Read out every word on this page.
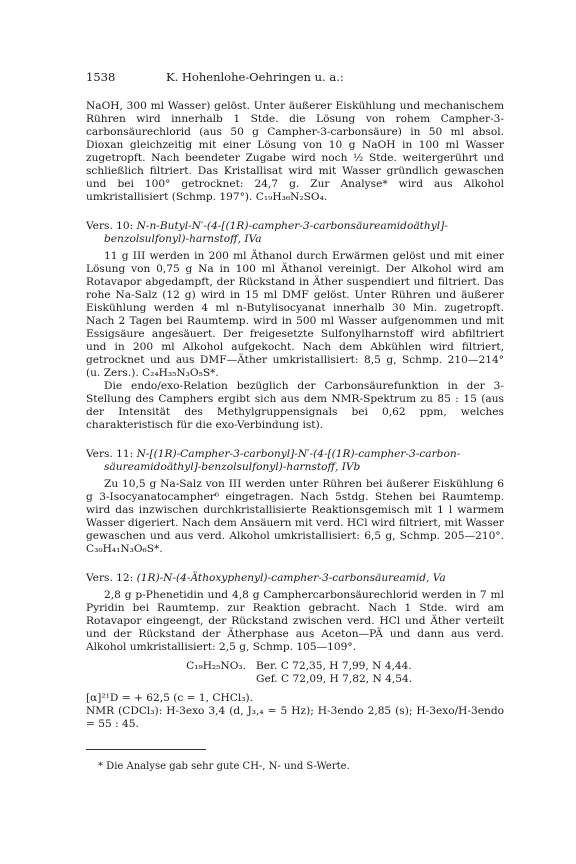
1538	K. Hohenlohe-Oehringen u. a.:

NaOH, 300 ml Wasser) gelöst. Unter äußerer Eiskühlung und mechanischem Rühren wird innerhalb 1 Stde. die Lösung von rohem Campher-3-carbonsäurechlorid (aus 50 g Campher-3-carbonsäure) in 50 ml absol. Dioxan gleichzeitig mit einer Lösung von 10 g NaOH in 100 ml Wasser zugetropft. Nach beendeter Zugabe wird noch ½ Stde. weitergerührt und schließlich filtriert. Das Kristallisat wird mit Wasser gründlich gewaschen und bei 100° getrocknet: 24,7 g. Zur Analyse* wird aus Alkohol umkristallisiert (Schmp. 197°). C₁₉H₃₆N₂SO₄.

Vers. 10: N-n-Butyl-N′-(4-[(1R)-campher-3-carbonsäureamidoäthyl]-
benzolsulfonyl)-harnstoff, IVa

11 g III werden in 200 ml Äthanol durch Erwärmen gelöst und mit einer Lösung von 0,75 g Na in 100 ml Äthanol vereinigt. Der Alkohol wird am Rotavapor abgedampft, der Rückstand in Äther suspendiert und filtriert. Das rohe Na-Salz (12 g) wird in 15 ml DMF gelöst. Unter Rühren und äußerer Eiskühlung werden 4 ml n-Butylisocyanat innerhalb 30 Min. zugetropft. Nach 2 Tagen bei Raumtemp. wird in 500 ml Wasser aufgenommen und mit Essigsäure angesäuert. Der freigesetzte Sulfonylharnstoff wird abfiltriert und in 200 ml Alkohol aufgekocht. Nach dem Abkühlen wird filtriert, getrocknet und aus DMF—Äther umkristallisiert: 8,5 g, Schmp. 210—214° (u. Zers.). C₂₄H₃₅N₃O₅S*.

Die endo/exo-Relation bezüglich der Carbonsäurefunktion in der 3-Stellung des Camphers ergibt sich aus dem NMR-Spektrum zu 85 : 15 (aus der Intensität des Methylgruppensignals bei 0,62 ppm, welches charakteristisch für die exo-Verbindung ist).

Vers. 11: N-[(1R)-Campher-3-carbonyl]-N′-(4-[(1R)-campher-3-carbon-
säureamidoäthyl]-benzolsulfonyl)-harnstoff, IVb

Zu 10,5 g Na-Salz von III werden unter Rühren bei äußerer Eiskühlung 6 g 3-Isocyanatocampher⁶ eingetragen. Nach 5stdg. Stehen bei Raumtemp. wird das inzwischen durchkristallisierte Reaktionsgemisch mit 1 l warmem Wasser digeriert. Nach dem Ansäuern mit verd. HCl wird filtriert, mit Wasser gewaschen und aus verd. Alkohol umkristallisiert: 6,5 g, Schmp. 205—210°. C₃₀H₄₁N₃O₆S*.

Vers. 12: (1R)-N-(4-Äthoxyphenyl)-campher-3-carbonsäureamid, Va

2,8 g p-Phenetidin und 4,8 g Camphercarbonsäurechlorid werden in 7 ml Pyridin bei Raumtemp. zur Reaktion gebracht. Nach 1 Stde. wird am Rotavapor eingeengt, der Rückstand zwischen verd. HCl und Äther verteilt und der Rückstand der Ätherphase aus Aceton—PÄ und dann aus verd. Alkohol umkristallisiert: 2,5 g, Schmp. 105—109°.

C₁₉H₂₅NO₃. Ber. C 72,35, H 7,99, N 4,44.
Gef. C 72,09, H 7,82, N 4,54.

[α]²¹D = + 62,5 (c = 1, CHCl₃).

NMR (CDCl₃): H-3exo 3,4 (d, J₃,₄ = 5 Hz); H-3endo 2,85 (s); H-3exo/H-3endo = 55 : 45.

* Die Analyse gab sehr gute CH-, N- und S-Werte.
